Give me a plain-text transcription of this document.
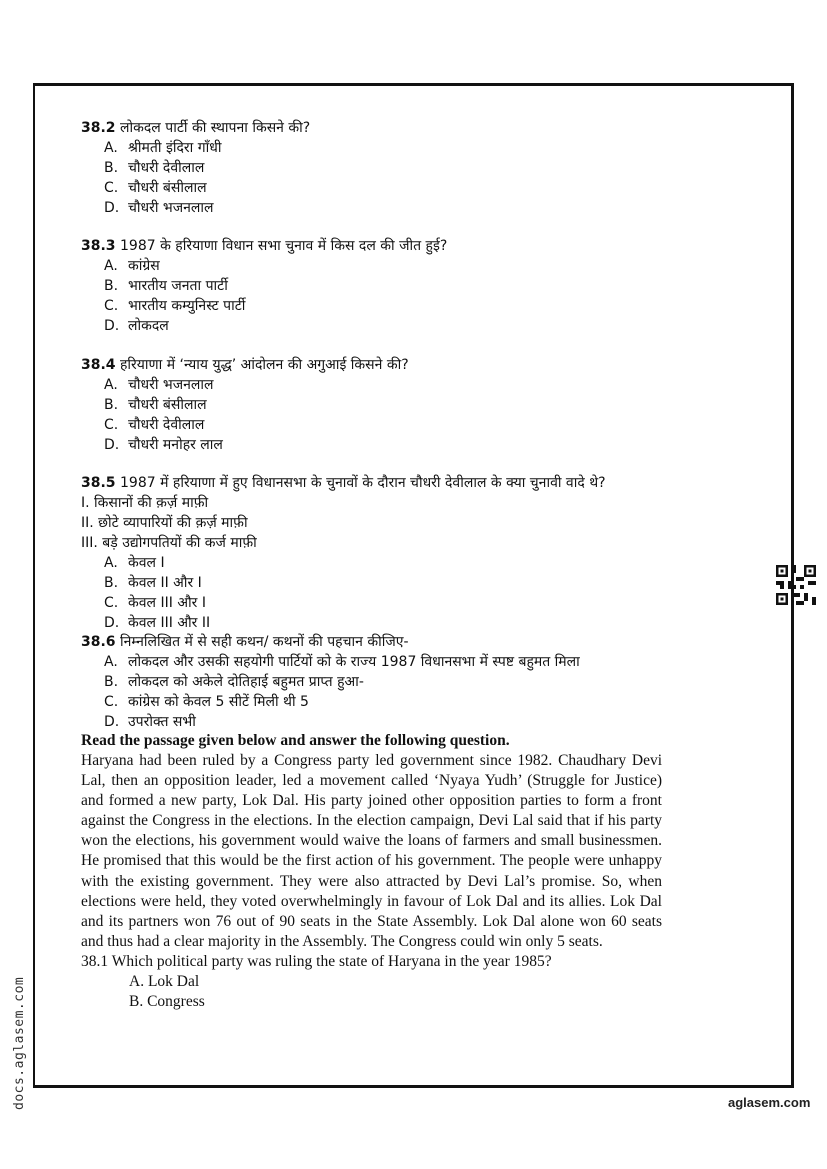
38.2 लोकदल पार्टी की स्थापना किसने की?
A. श्रीमती इंदिरा गाँधी
B. चौधरी देवीलाल
C. चौधरी बंसीलाल
D. चौधरी भजनलाल
38.3 1987 के हरियाणा विधान सभा चुनाव में किस दल की जीत हुई?
A. कांग्रेस
B. भारतीय जनता पार्टी
C. भारतीय कम्युनिस्ट पार्टी
D. लोकदल
38.4 हरियाणा में ‘न्याय युद्ध’ आंदोलन की अगुआई किसने की?
A. चौधरी भजनलाल
B. चौधरी बंसीलाल
C. चौधरी देवीलाल
D. चौधरी मनोहर लाल
38.5 1987 में हरियाणा में हुए विधानसभा के चुनावों के दौरान चौधरी देवीलाल के क्या चुनावी वादे थे?
I. किसानों की क़र्ज़ माफ़ी
II. छोटे व्यापारियों की क़र्ज़ माफ़ी
III. बड़े उद्योगपतियों की कर्ज माफ़ी
A. केवल I
B. केवल II और I
C. केवल III और I
D. केवल III और II
38.6 निम्नलिखित में से सही कथन/ कथनों की पहचान कीजिए-
A. लोकदल और उसकी सहयोगी पार्टियों को के राज्य 1987 विधानसभा में स्पष्ट बहुमत मिला
B. लोकदल को अकेले दोतिहाई बहुमत प्राप्त हुआ-
C. कांग्रेस को केवल 5 सीटें मिली थी 5
D. उपरोक्त सभी
Read the passage given below and answer the following question.
Haryana had been ruled by a Congress party led government since 1982. Chaudhary Devi Lal, then an opposition leader, led a movement called ‘Nyaya Yudh’ (Struggle for Justice) and formed a new party, Lok Dal. His party joined other opposition parties to form a front against the Congress in the elections. In the election campaign, Devi Lal said that if his party won the elections, his government would waive the loans of farmers and small businessmen. He promised that this would be the first action of his government. The people were unhappy with the existing government. They were also attracted by Devi Lal’s promise. So, when elections were held, they voted overwhelmingly in favour of Lok Dal and its allies. Lok Dal and its partners won 76 out of 90 seats in the State Assembly. Lok Dal alone won 60 seats and thus had a clear majority in the Assembly. The Congress could win only 5 seats.
38.1 Which political party was ruling the state of Haryana in the year 1985?
A. Lok Dal
B. Congress
docs.aglasem.com	aglasem.com
